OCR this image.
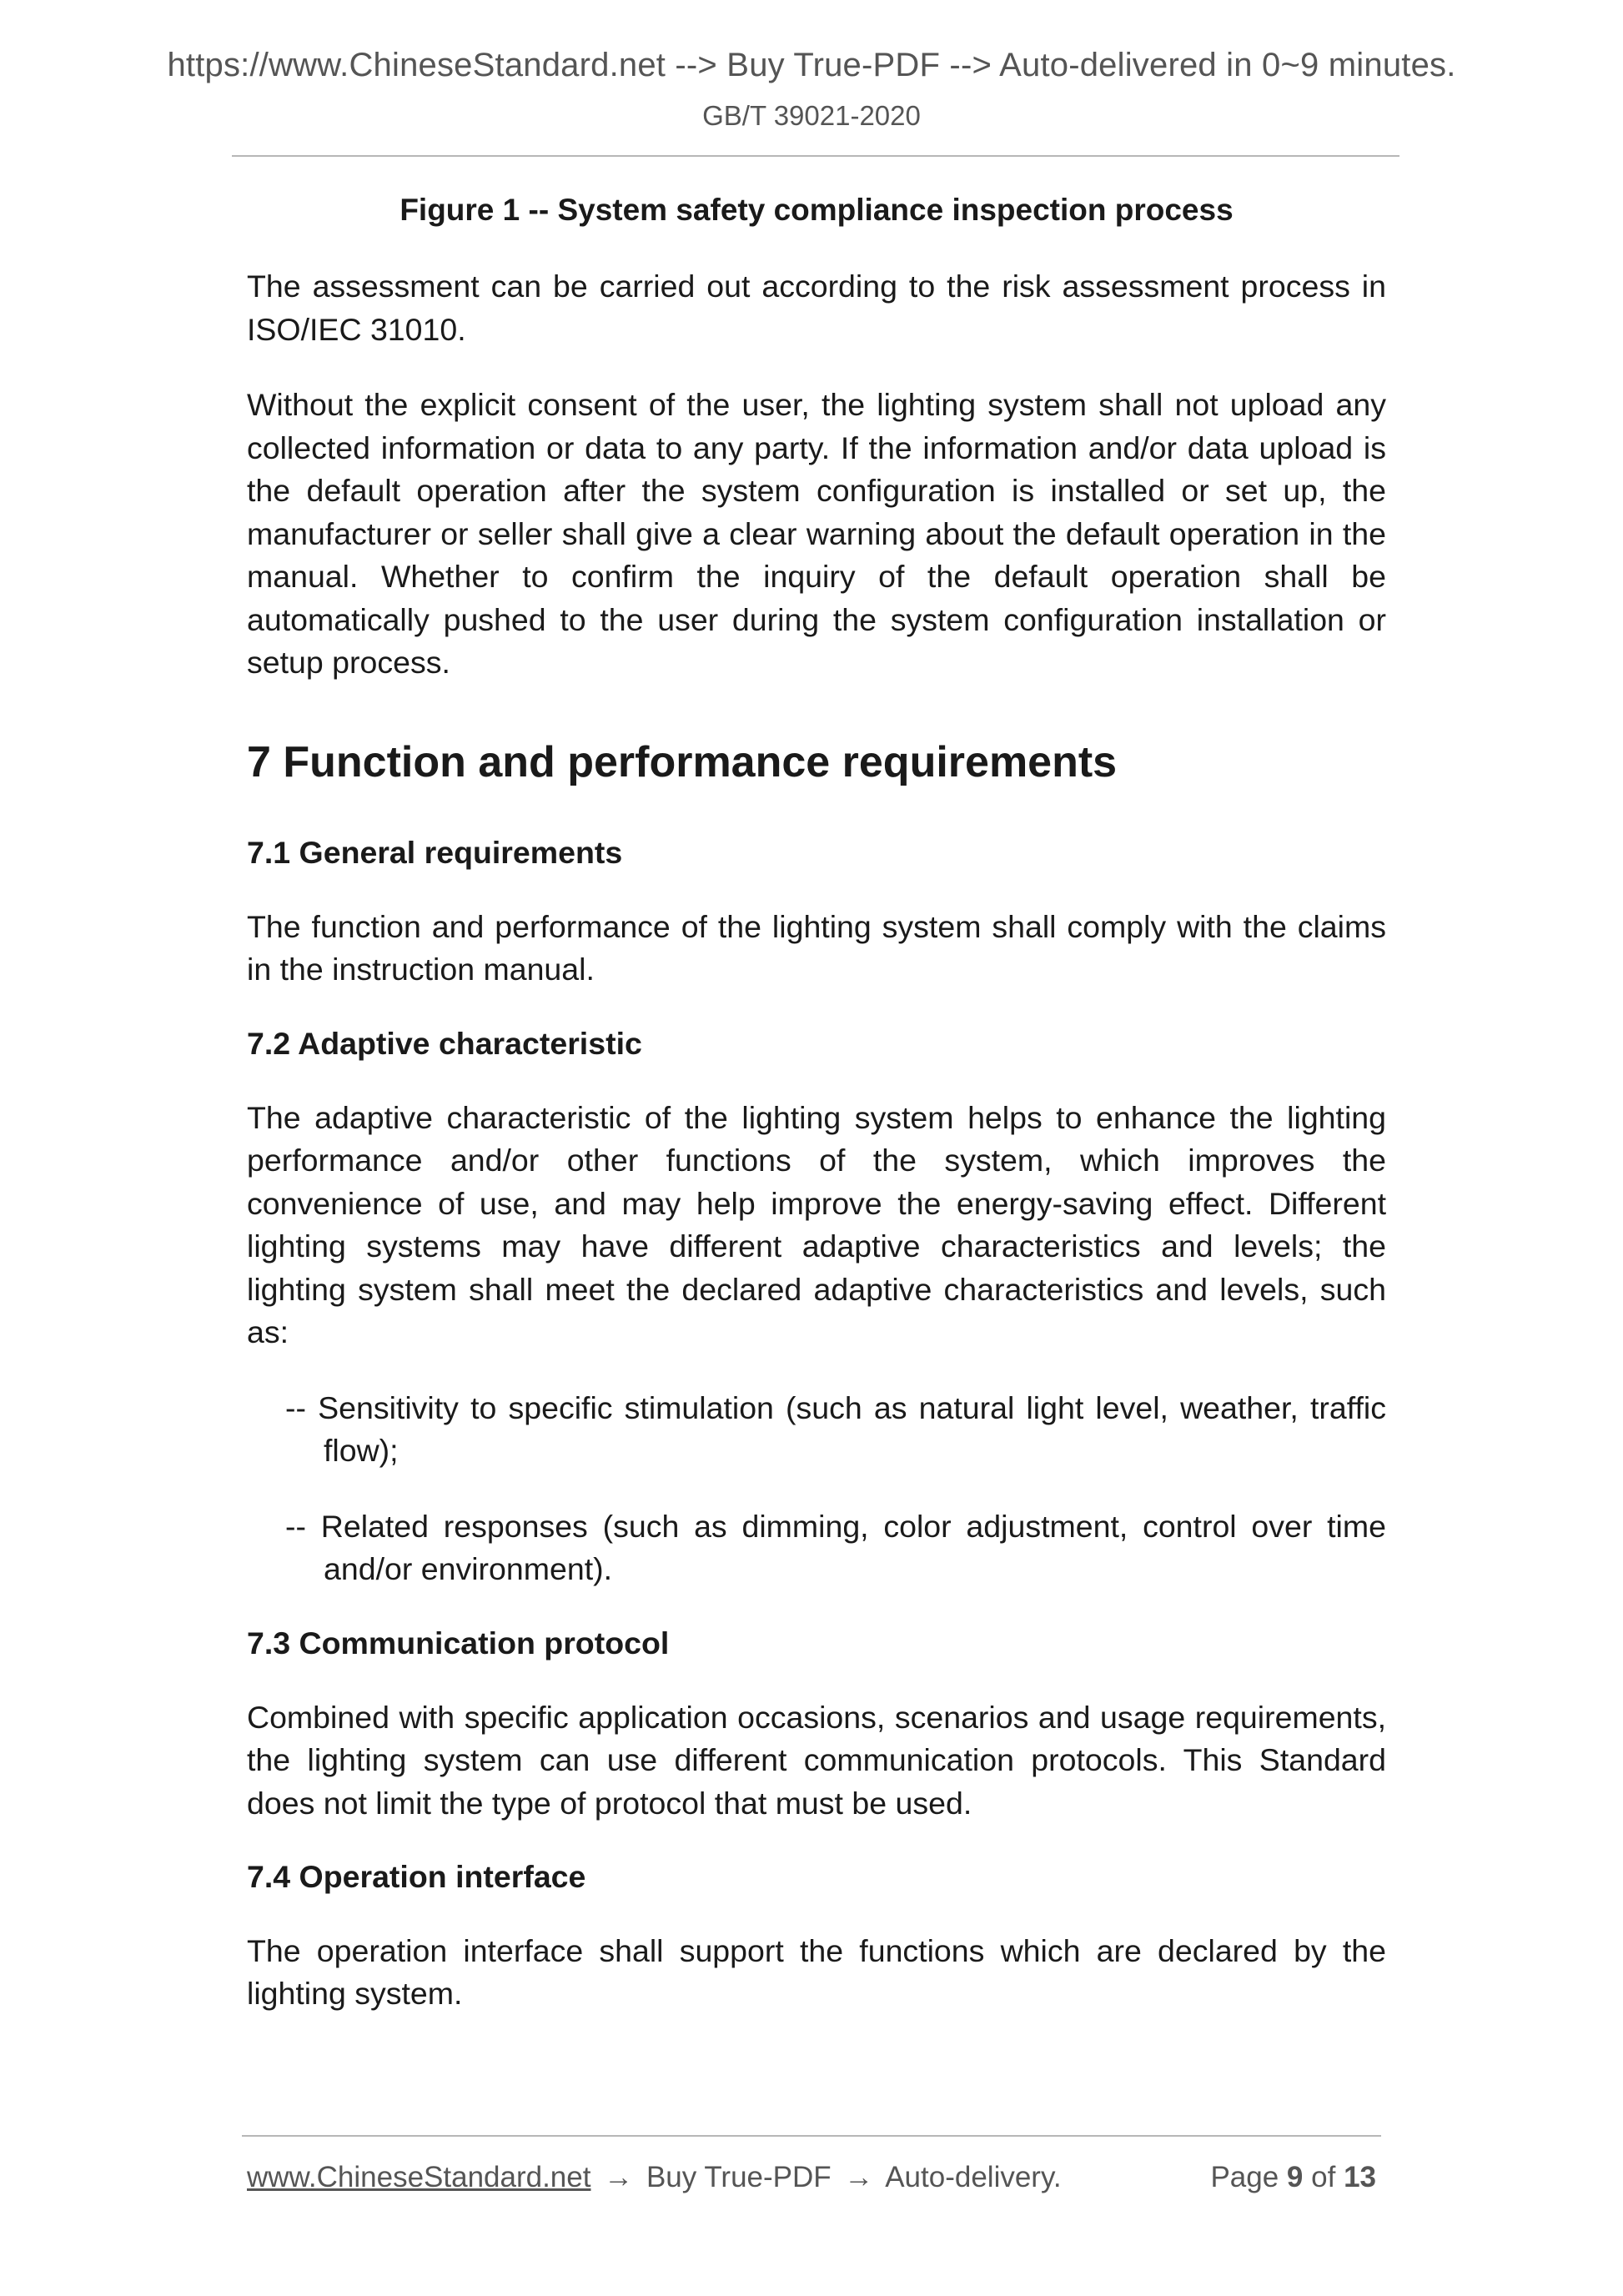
https://www.ChineseStandard.net --> Buy True-PDF --> Auto-delivered in 0~9 minutes.
GB/T 39021-2020

Figure 1 -- System safety compliance inspection process

The assessment can be carried out according to the risk assessment process in ISO/IEC 31010.

Without the explicit consent of the user, the lighting system shall not upload any collected information or data to any party. If the information and/or data upload is the default operation after the system configuration is installed or set up, the manufacturer or seller shall give a clear warning about the default operation in the manual. Whether to confirm the inquiry of the default operation shall be automatically pushed to the user during the system configuration installation or setup process.

7 Function and performance requirements
7.1 General requirements

The function and performance of the lighting system shall comply with the claims in the instruction manual.

7.2 Adaptive characteristic

The adaptive characteristic of the lighting system helps to enhance the lighting performance and/or other functions of the system, which improves the convenience of use, and may help improve the energy-saving effect. Different lighting systems may have different adaptive characteristics and levels; the lighting system shall meet the declared adaptive characteristics and levels, such as:

-- Sensitivity to specific stimulation (such as natural light level, weather, traffic flow);

-- Related responses (such as dimming, color adjustment, control over time and/or environment).

7.3 Communication protocol

Combined with specific application occasions, scenarios and usage requirements, the lighting system can use different communication protocols. This Standard does not limit the type of protocol that must be used.

7.4 Operation interface

The operation interface shall support the functions which are declared by the lighting system.

www.ChineseStandard.net → Buy True-PDF → Auto-delivery.	Page 9 of 13
